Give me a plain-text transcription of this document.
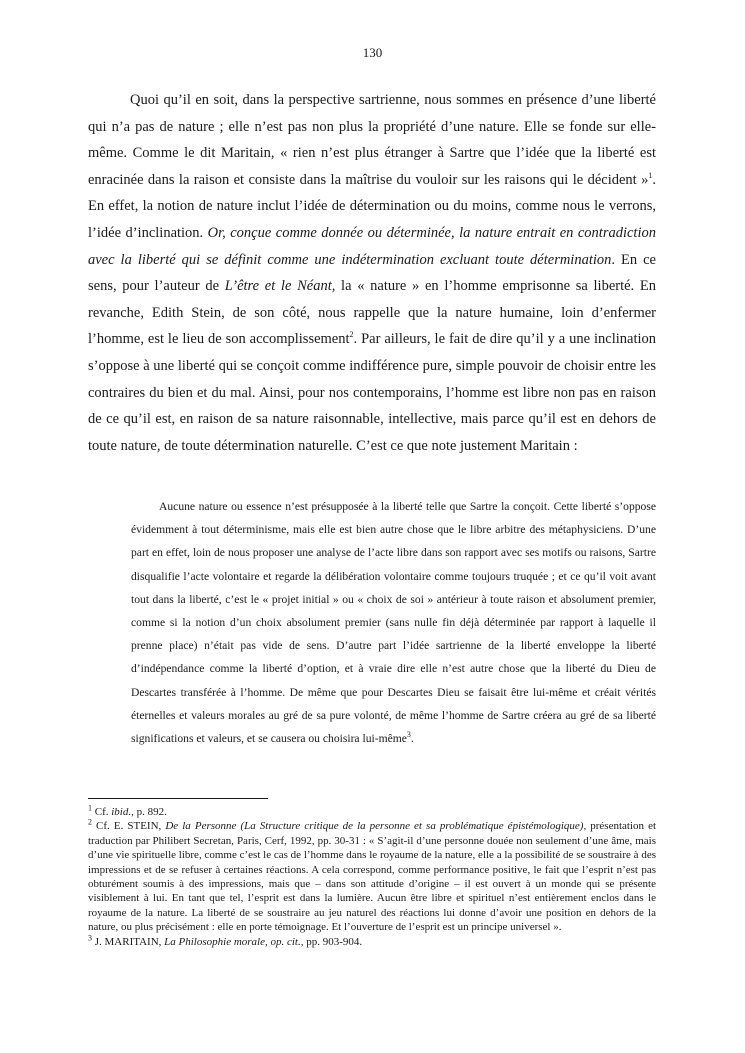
130

Quoi qu’il en soit, dans la perspective sartrienne, nous sommes en présence d’une liberté qui n’a pas de nature ; elle n’est pas non plus la propriété d’une nature. Elle se fonde sur elle-même. Comme le dit Maritain, « rien n’est plus étranger à Sartre que l’idée que la liberté est enracinée dans la raison et consiste dans la maîtrise du vouloir sur les raisons qui le décident »$^1$. En effet, la notion de nature inclut l’idée de détermination ou du moins, comme nous le verrons, l’idée d’inclination. Or, conçue comme donnée ou déterminée, la nature entrait en contradiction avec la liberté qui se définit comme une indétermination excluant toute détermination. En ce sens, pour l’auteur de L’être et le Néant, la « nature » en l’homme emprisonne sa liberté. En revanche, Edith Stein, de son côté, nous rappelle que la nature humaine, loin d’enfermer l’homme, est le lieu de son accomplissement$^2$. Par ailleurs, le fait de dire qu’il y a une inclination s’oppose à une liberté qui se conçoit comme indifférence pure, simple pouvoir de choisir entre les contraires du bien et du mal. Ainsi, pour nos contemporains, l’homme est libre non pas en raison de ce qu’il est, en raison de sa nature raisonnable, intellective, mais parce qu’il est en dehors de toute nature, de toute détermination naturelle. C’est ce que note justement Maritain :

Aucune nature ou essence n’est présupposée à la liberté telle que Sartre la conçoit. Cette liberté s’oppose évidemment à tout déterminisme, mais elle est bien autre chose que le libre arbitre des métaphysiciens. D’une part en effet, loin de nous proposer une analyse de l’acte libre dans son rapport avec ses motifs ou raisons, Sartre disqualifie l’acte volontaire et regarde la délibération volontaire comme toujours truquée ; et ce qu’il voit avant tout dans la liberté, c’est le « projet initial » ou « choix de soi » antérieur à toute raison et absolument premier, comme si la notion d’un choix absolument premier (sans nulle fin déjà déterminée par rapport à laquelle il prenne place) n’était pas vide de sens. D’autre part l’idée sartrienne de la liberté enveloppe la liberté d’indépendance comme la liberté d’option, et à vraie dire elle n’est autre chose que la liberté du Dieu de Descartes transférée à l’homme. De même que pour Descartes Dieu se faisait être lui-même et créait vérités éternelles et valeurs morales au gré de sa pure volonté, de même l’homme de Sartre créera au gré de sa liberté significations et valeurs, et se causera ou choisira lui-même$^3$.

$^1$ Cf. ibid., p. 892.

$^2$ Cf. E. STEIN, De la Personne (La Structure critique de la personne et sa problématique épistémologique), présentation et traduction par Philibert Secretan, Paris, Cerf, 1992, pp. 30-31 : « S’agit-il d’une personne douée non seulement d’une âme, mais d’une vie spirituelle libre, comme c’est le cas de l’homme dans le royaume de la nature, elle a la possibilité de se soustraire à des impressions et de se refuser à certaines réactions. A cela correspond, comme performance positive, le fait que l’esprit n’est pas obturément soumis à des impressions, mais que – dans son attitude d’origine – il est ouvert à un monde qui se présente visiblement à lui. En tant que tel, l’esprit est dans la lumière. Aucun être libre et spirituel n’est entièrement enclos dans le royaume de la nature. La liberté de se soustraire au jeu naturel des réactions lui donne d’avoir une position en dehors de la nature, ou plus précisément : elle en porte témoignage. Et l’ouverture de l’esprit est un principe universel ».

$^3$ J. MARITAIN, La Philosophie morale, op. cit., pp. 903-904.
